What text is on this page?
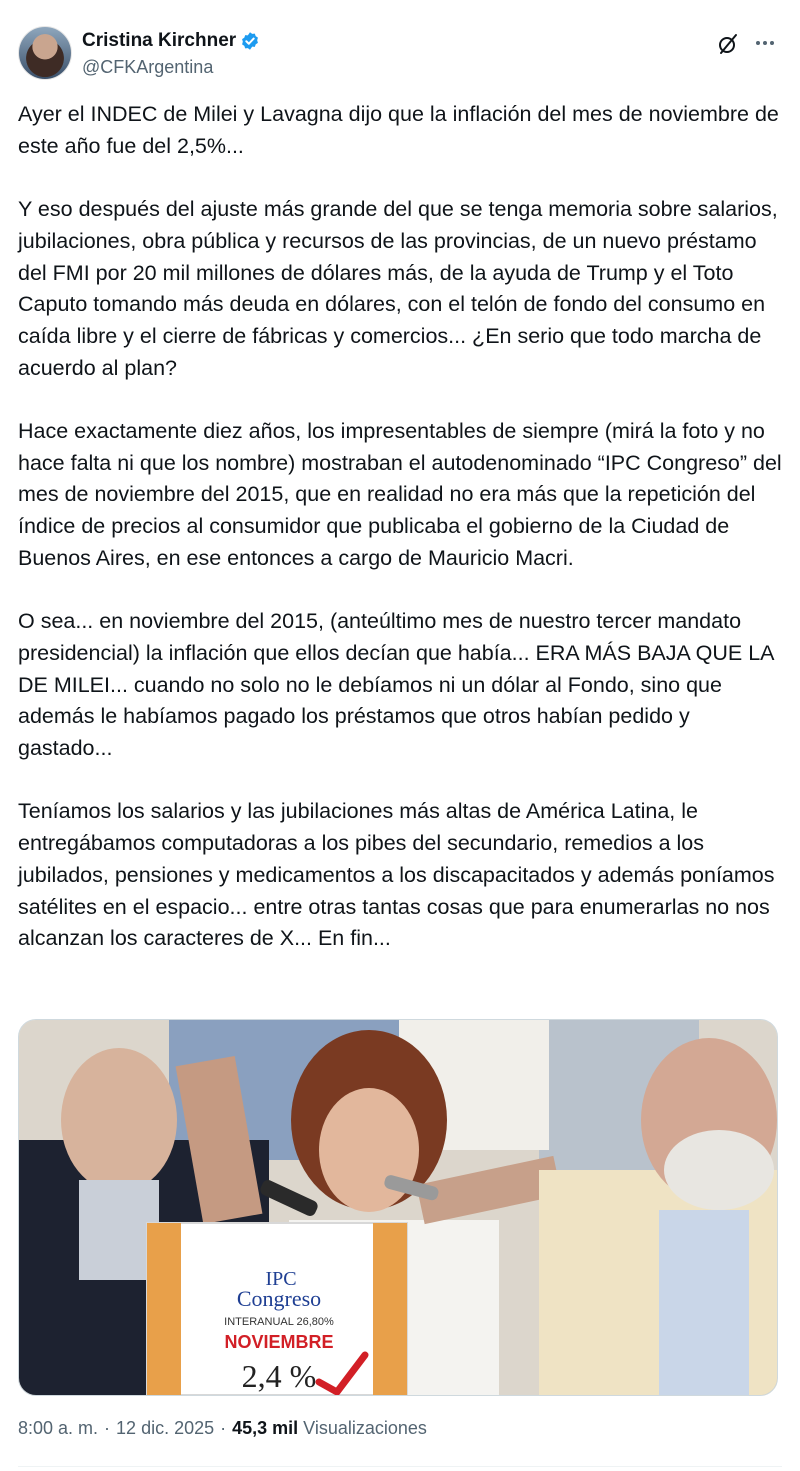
Cristina Kirchner
@CFKArgentina

Ayer el INDEC de Milei y Lavagna dijo que la inflación del mes de noviembre de este año fue del 2,5%...

Y eso después del ajuste más grande del que se tenga memoria sobre salarios, jubilaciones, obra pública y recursos de las provincias, de un nuevo préstamo del FMI por 20 mil millones de dólares más, de la ayuda de Trump y el Toto Caputo tomando más deuda en dólares, con el telón de fondo del consumo en caída libre y el cierre de fábricas y comercios... ¿En serio que todo marcha de acuerdo al plan?

Hace exactamente diez años, los impresentables de siempre (mirá la foto y no hace falta ni que los nombre) mostraban el autodenominado “IPC Congreso” del mes de noviembre del 2015, que en realidad no era más que la repetición del índice de precios al consumidor que publicaba el gobierno de la Ciudad de Buenos Aires, en ese entonces a cargo de Mauricio Macri.

O sea... en noviembre del 2015, (anteúltimo mes de nuestro tercer mandato presidencial) la inflación que ellos decían que había... ERA MÁS BAJA QUE LA DE MILEI... cuando no solo no le debíamos ni un dólar al Fondo, sino que además le habíamos pagado los préstamos que otros habían pedido y gastado...

Teníamos los salarios y las jubilaciones más altas de América Latina, le entregábamos computadoras a los pibes del secundario, remedios a los jubilados, pensiones y medicamentos a los discapacitados y además poníamos satélites en el espacio... entre otras tantas cosas que para enumerarlas no nos alcanzan los caracteres de X... En fin...

IPC
Congreso
INTERANUAL 26,80%
NOVIEMBRE
2,4 %
8:00 a. m. · 12 dic. 2025 · 45,3 mil Visualizaciones
